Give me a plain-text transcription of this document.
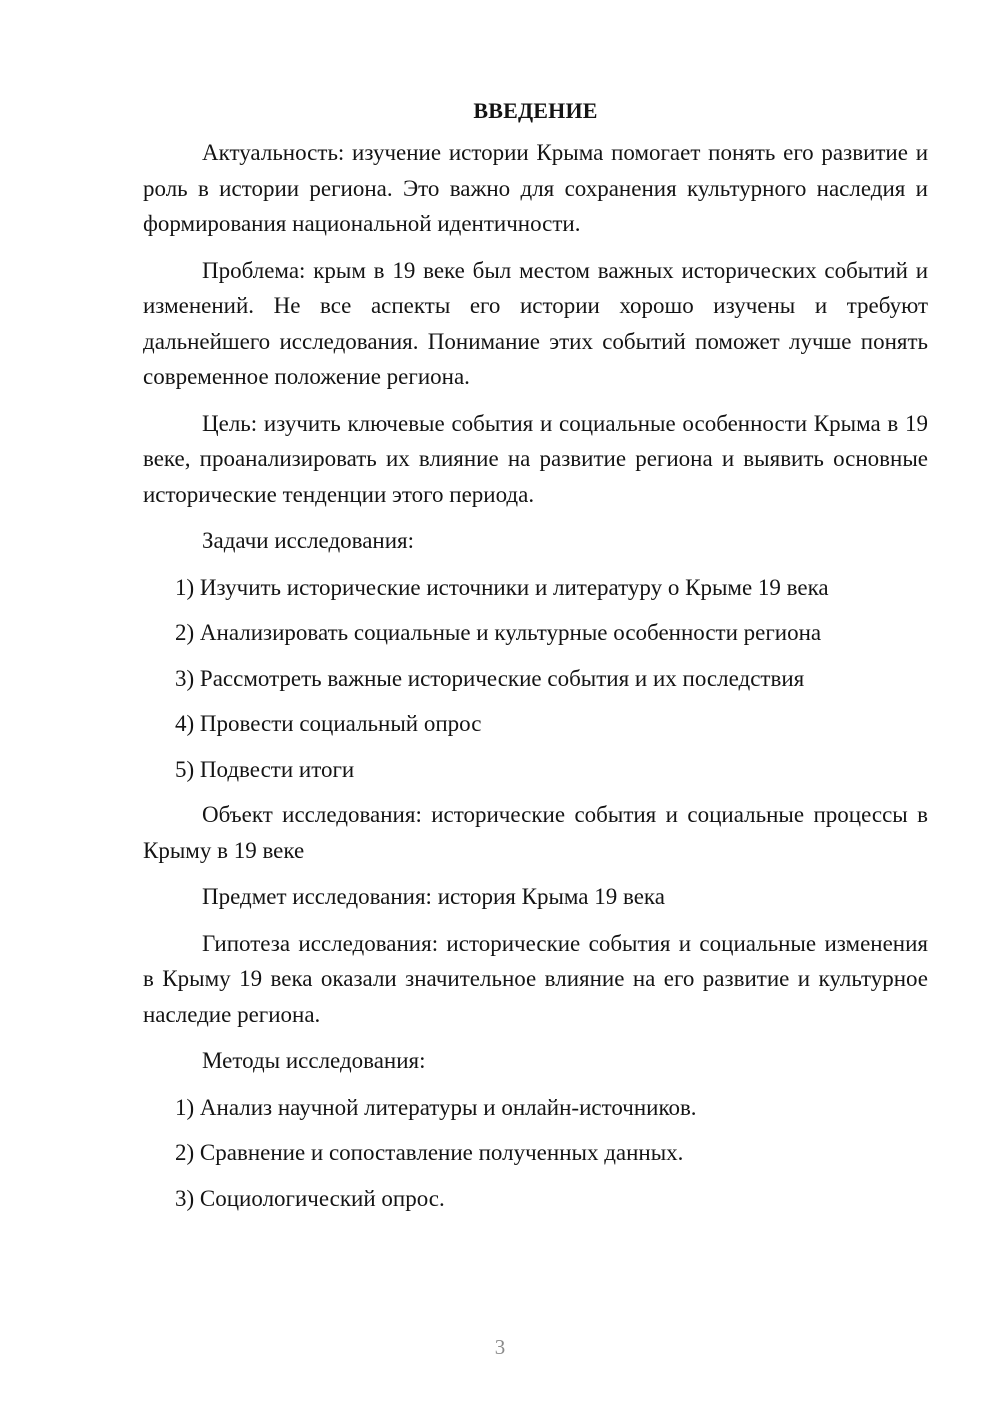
ВВЕДЕНИЕ

Актуальность: изучение истории Крыма помогает понять его развитие и роль в истории региона. Это важно для сохранения культурного наследия и формирования национальной идентичности.

Проблема: крым в 19 веке был местом важных исторических событий и изменений. Не все аспекты его истории хорошо изучены и требуют дальнейшего исследования. Понимание этих событий поможет лучше понять современное положение региона.

Цель: изучить ключевые события и социальные особенности Крыма в 19 веке, проанализировать их влияние на развитие региона и выявить основные исторические тенденции этого периода.

Задачи исследования:

1) Изучить исторические источники и литературу о Крыме 19 века
2) Анализировать социальные и культурные особенности региона
3) Рассмотреть важные исторические события и их последствия
4) Провести социальный опрос
5) Подвести итоги

Объект исследования: исторические события и социальные процессы в Крыму в 19 веке

Предмет исследования: история Крыма 19 века

Гипотеза исследования: исторические события и социальные изменения в Крыму 19 века оказали значительное влияние на его развитие и культурное наследие региона.

Методы исследования:

1) Анализ научной литературы и онлайн-источников.
2) Сравнение и сопоставление полученных данных.
3) Социологический опрос.
3
